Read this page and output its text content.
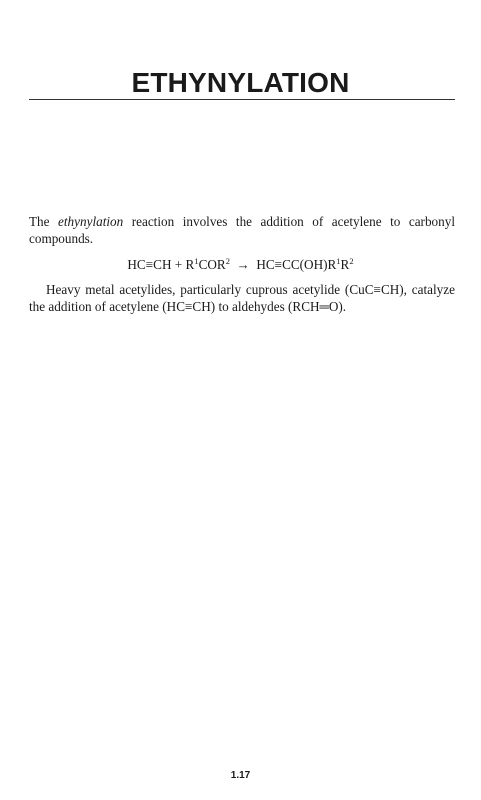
ETHYNYLATION

The ethynylation reaction involves the addition of acetylene to carbonyl compounds.

$HC\equiv CH + R^1COR^2 \to HC\equiv CC(OH)R^1R^2$

Heavy metal acetylides, particularly cuprous acetylide (CuC≡CH), catalyze the addition of acetylene (HC≡CH) to aldehydes (RCH═O).

1.17
